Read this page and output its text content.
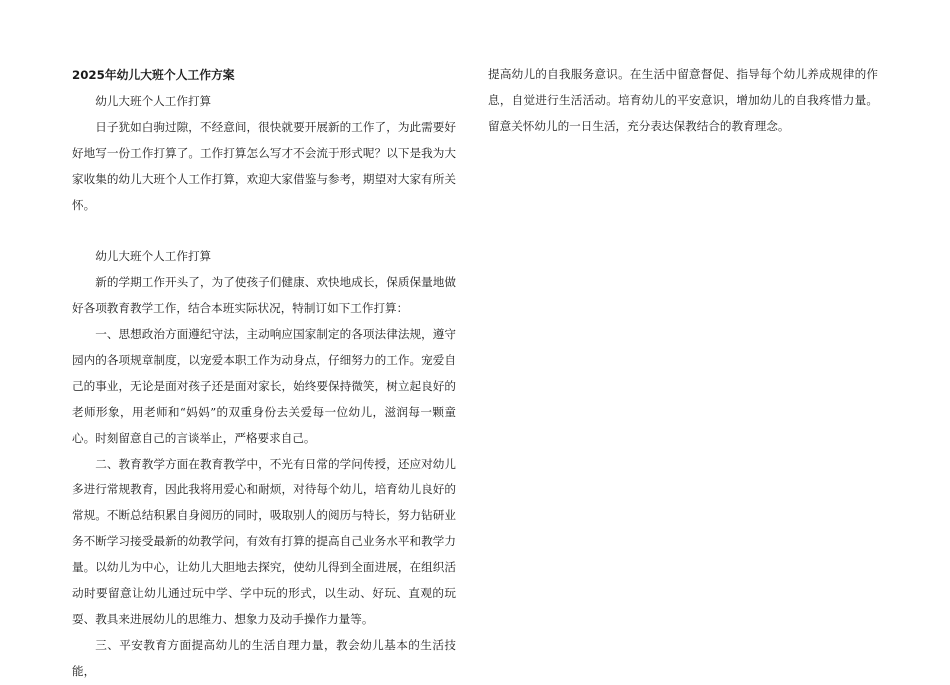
2025年幼儿大班个人工作方案

幼儿大班个人工作打算

日子犹如白驹过隙，不经意间，很快就要开展新的工作了，为此需要好好地写一份工作打算了。工作打算怎么写才不会流于形式呢？以下是我为大家收集的幼儿大班个人工作打算，欢迎大家借鉴与参考，期望对大家有所关怀。

幼儿大班个人工作打算

新的学期工作开头了，为了使孩子们健康、欢快地成长，保质保量地做好各项教育教学工作，结合本班实际状况，特制订如下工作打算：

一、思想政治方面遵纪守法，主动响应国家制定的各项法律法规，遵守园内的各项规章制度，以宠爱本职工作为动身点，仔细努力的工作。宠爱自己的事业，无论是面对孩子还是面对家长，始终要保持微笑，树立起良好的老师形象，用老师和“妈妈”的双重身份去关爱每一位幼儿，滋润每一颗童心。时刻留意自己的言谈举止，严格要求自己。

二、教育教学方面在教育教学中，不光有日常的学问传授，还应对幼儿多进行常规教育，因此我将用爱心和耐烦，对待每个幼儿，培育幼儿良好的常规。不断总结积累自身阅历的同时，吸取别人的阅历与特长，努力钻研业务不断学习接受最新的幼教学问，有效有打算的提高自己业务水平和教学力量。以幼儿为中心，让幼儿大胆地去探究，使幼儿得到全面进展，在组织活动时要留意让幼儿通过玩中学、学中玩的形式，以生动、好玩、直观的玩耍、教具来进展幼儿的思维力、想象力及动手操作力量等。

三、平安教育方面提高幼儿的生活自理力量，教会幼儿基本的生活技能，

提高幼儿的自我服务意识。在生活中留意督促、指导每个幼儿养成规律的作息，自觉进行生活活动。培育幼儿的平安意识，增加幼儿的自我疼惜力量。留意关怀幼儿的一日生活，充分表达保教结合的教育理念。
